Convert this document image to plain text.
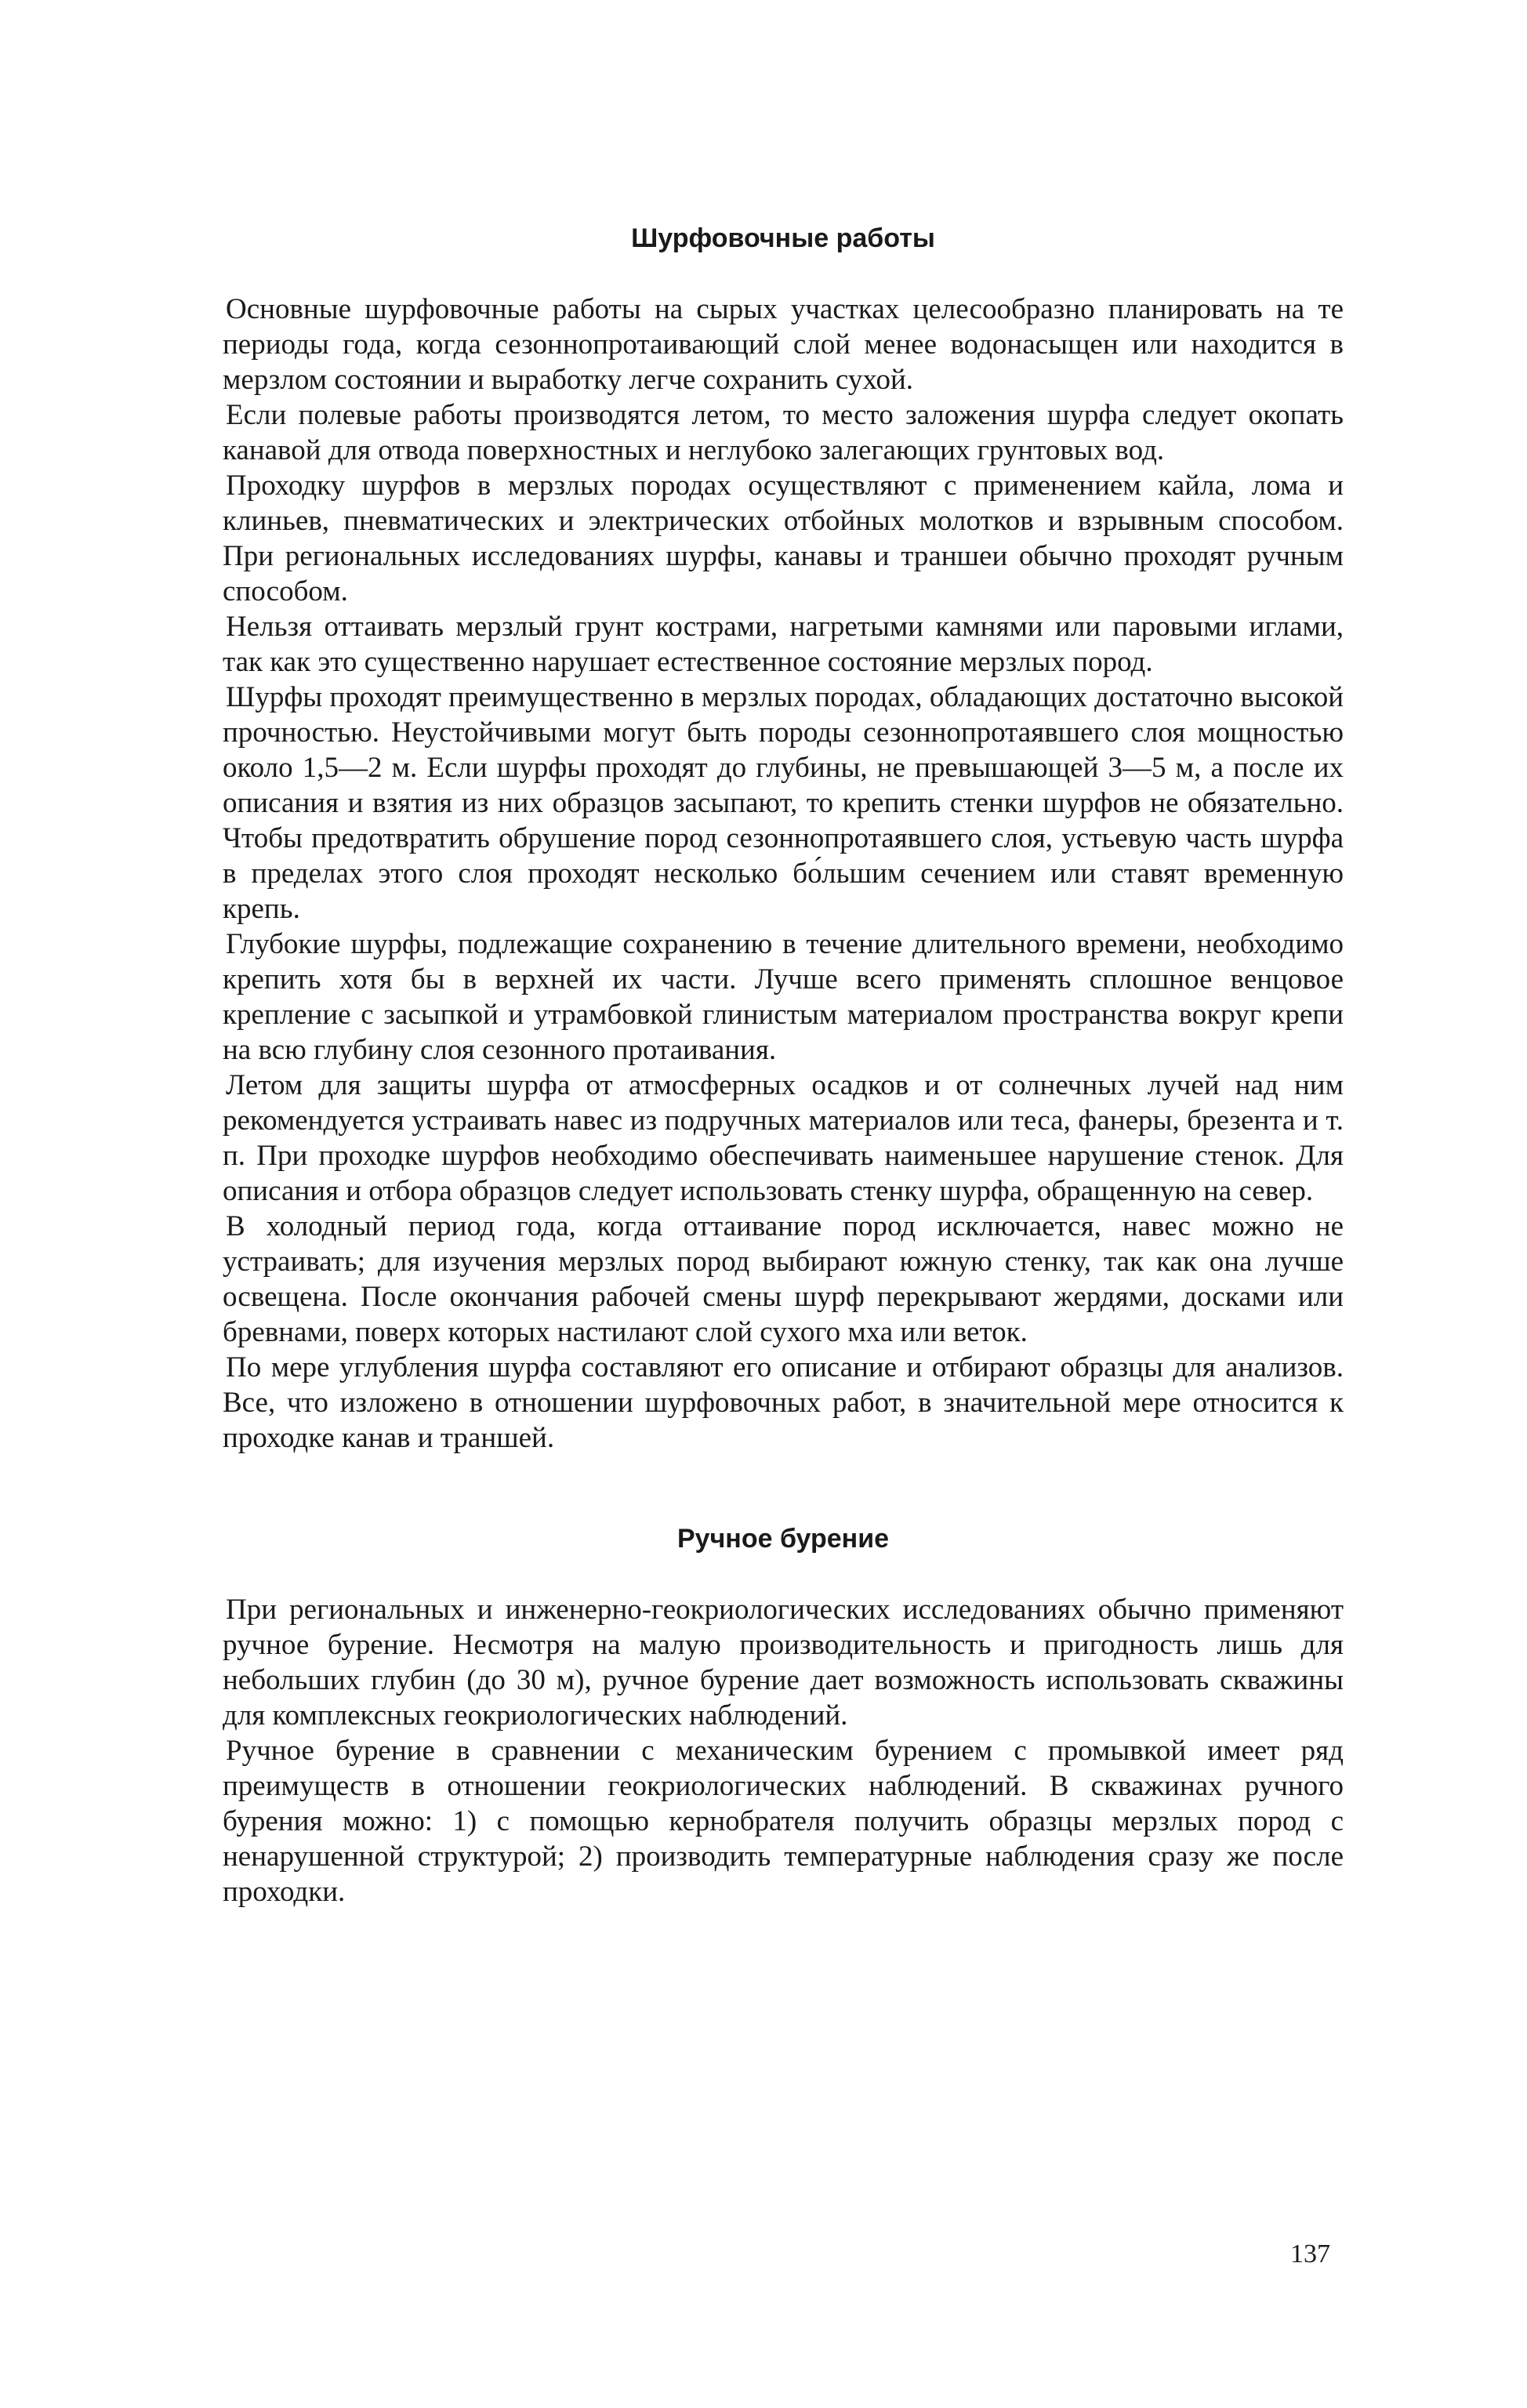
Шурфовочные работы

Основные шурфовочные работы на сырых участках целесообразно планировать на те периоды года, когда сезоннопротаивающий слой менее водонасыщен или находится в мерзлом состоянии и выработку легче сохранить сухой.

Если полевые работы производятся летом, то место заложения шурфа следует окопать канавой для отвода поверхностных и неглубоко залегающих грунтовых вод.

Проходку шурфов в мерзлых породах осуществляют с применением кайла, лома и клиньев, пневматических и электрических отбойных молотков и взрывным способом. При региональных исследованиях шурфы, канавы и траншеи обычно проходят ручным способом.

Нельзя оттаивать мерзлый грунт кострами, нагретыми камнями или паровыми иглами, так как это существенно нарушает естественное состояние мерзлых пород.

Шурфы проходят преимущественно в мерзлых породах, обладающих достаточно высокой прочностью. Неустойчивыми могут быть породы сезоннопротаявшего слоя мощностью около 1,5—2 м. Если шурфы проходят до глубины, не превышающей 3—5 м, а после их описания и взятия из них образцов засыпают, то крепить стенки шурфов не обязательно. Чтобы предотвратить обрушение пород сезоннопротаявшего слоя, устьевую часть шурфа в пределах этого слоя проходят несколько бо́льшим сечением или ставят временную крепь.

Глубокие шурфы, подлежащие сохранению в течение длительного времени, необходимо крепить хотя бы в верхней их части. Лучше всего применять сплошное венцовое крепление с засыпкой и утрамбовкой глинистым материалом пространства вокруг крепи на всю глубину слоя сезонного протаивания.

Летом для защиты шурфа от атмосферных осадков и от солнечных лучей над ним рекомендуется устраивать навес из подручных материалов или теса, фанеры, брезента и т. п. При проходке шурфов необходимо обеспечивать наименьшее нарушение стенок. Для описания и отбора образцов следует использовать стенку шурфа, обращенную на север.

В холодный период года, когда оттаивание пород исключается, навес можно не устраивать; для изучения мерзлых пород выбирают южную стенку, так как она лучше освещена. После окончания рабочей смены шурф перекрывают жердями, досками или бревнами, поверх которых настилают слой сухого мха или веток.

По мере углубления шурфа составляют его описание и отбирают образцы для анализов. Все, что изложено в отношении шурфовочных работ, в значительной мере относится к проходке канав и траншей.

Ручное бурение

При региональных и инженерно-геокриологических исследованиях обычно применяют ручное бурение. Несмотря на малую производительность и пригодность лишь для небольших глубин (до 30 м), ручное бурение дает возможность использовать скважины для комплексных геокриологических наблюдений.

Ручное бурение в сравнении с механическим бурением с промывкой имеет ряд преимуществ в отношении геокриологических наблюдений. В скважинах ручного бурения можно: 1) с помощью кернобрателя получить образцы мерзлых пород с ненарушенной структурой; 2) производить температурные наблюдения сразу же после проходки.

137
